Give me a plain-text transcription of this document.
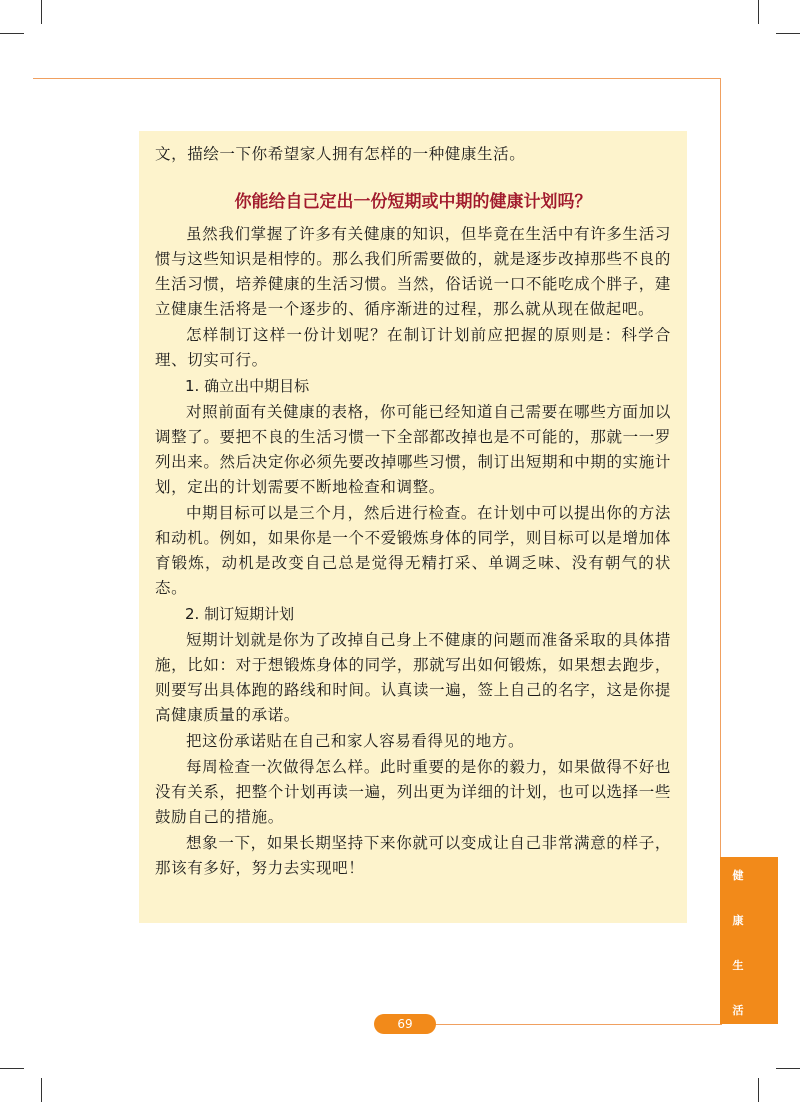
文，描绘一下你希望家人拥有怎样的一种健康生活。

你能给自己定出一份短期或中期的健康计划吗？

虽然我们掌握了许多有关健康的知识，但毕竟在生活中有许多生活习惯与这些知识是相悖的。那么我们所需要做的，就是逐步改掉那些不良的生活习惯，培养健康的生活习惯。当然，俗话说一口不能吃成个胖子，建立健康生活将是一个逐步的、循序渐进的过程，那么就从现在做起吧。

怎样制订这样一份计划呢？在制订计划前应把握的原则是：科学合理、切实可行。

1. 确立出中期目标

对照前面有关健康的表格，你可能已经知道自己需要在哪些方面加以调整了。要把不良的生活习惯一下全部都改掉也是不可能的，那就一一罗列出来。然后决定你必须先要改掉哪些习惯，制订出短期和中期的实施计划，定出的计划需要不断地检查和调整。

中期目标可以是三个月，然后进行检查。在计划中可以提出你的方法和动机。例如，如果你是一个不爱锻炼身体的同学，则目标可以是增加体育锻炼，动机是改变自己总是觉得无精打采、单调乏味、没有朝气的状态。

2. 制订短期计划

短期计划就是你为了改掉自己身上不健康的问题而准备采取的具体措施，比如：对于想锻炼身体的同学，那就写出如何锻炼，如果想去跑步，则要写出具体跑的路线和时间。认真读一遍，签上自己的名字，这是你提高健康质量的承诺。

把这份承诺贴在自己和家人容易看得见的地方。

每周检查一次做得怎么样。此时重要的是你的毅力，如果做得不好也没有关系，把整个计划再读一遍，列出更为详细的计划，也可以选择一些鼓励自己的措施。

想象一下，如果长期坚持下来你就可以变成让自己非常满意的样子，那该有多好，努力去实现吧！	健
康
生
活
69
